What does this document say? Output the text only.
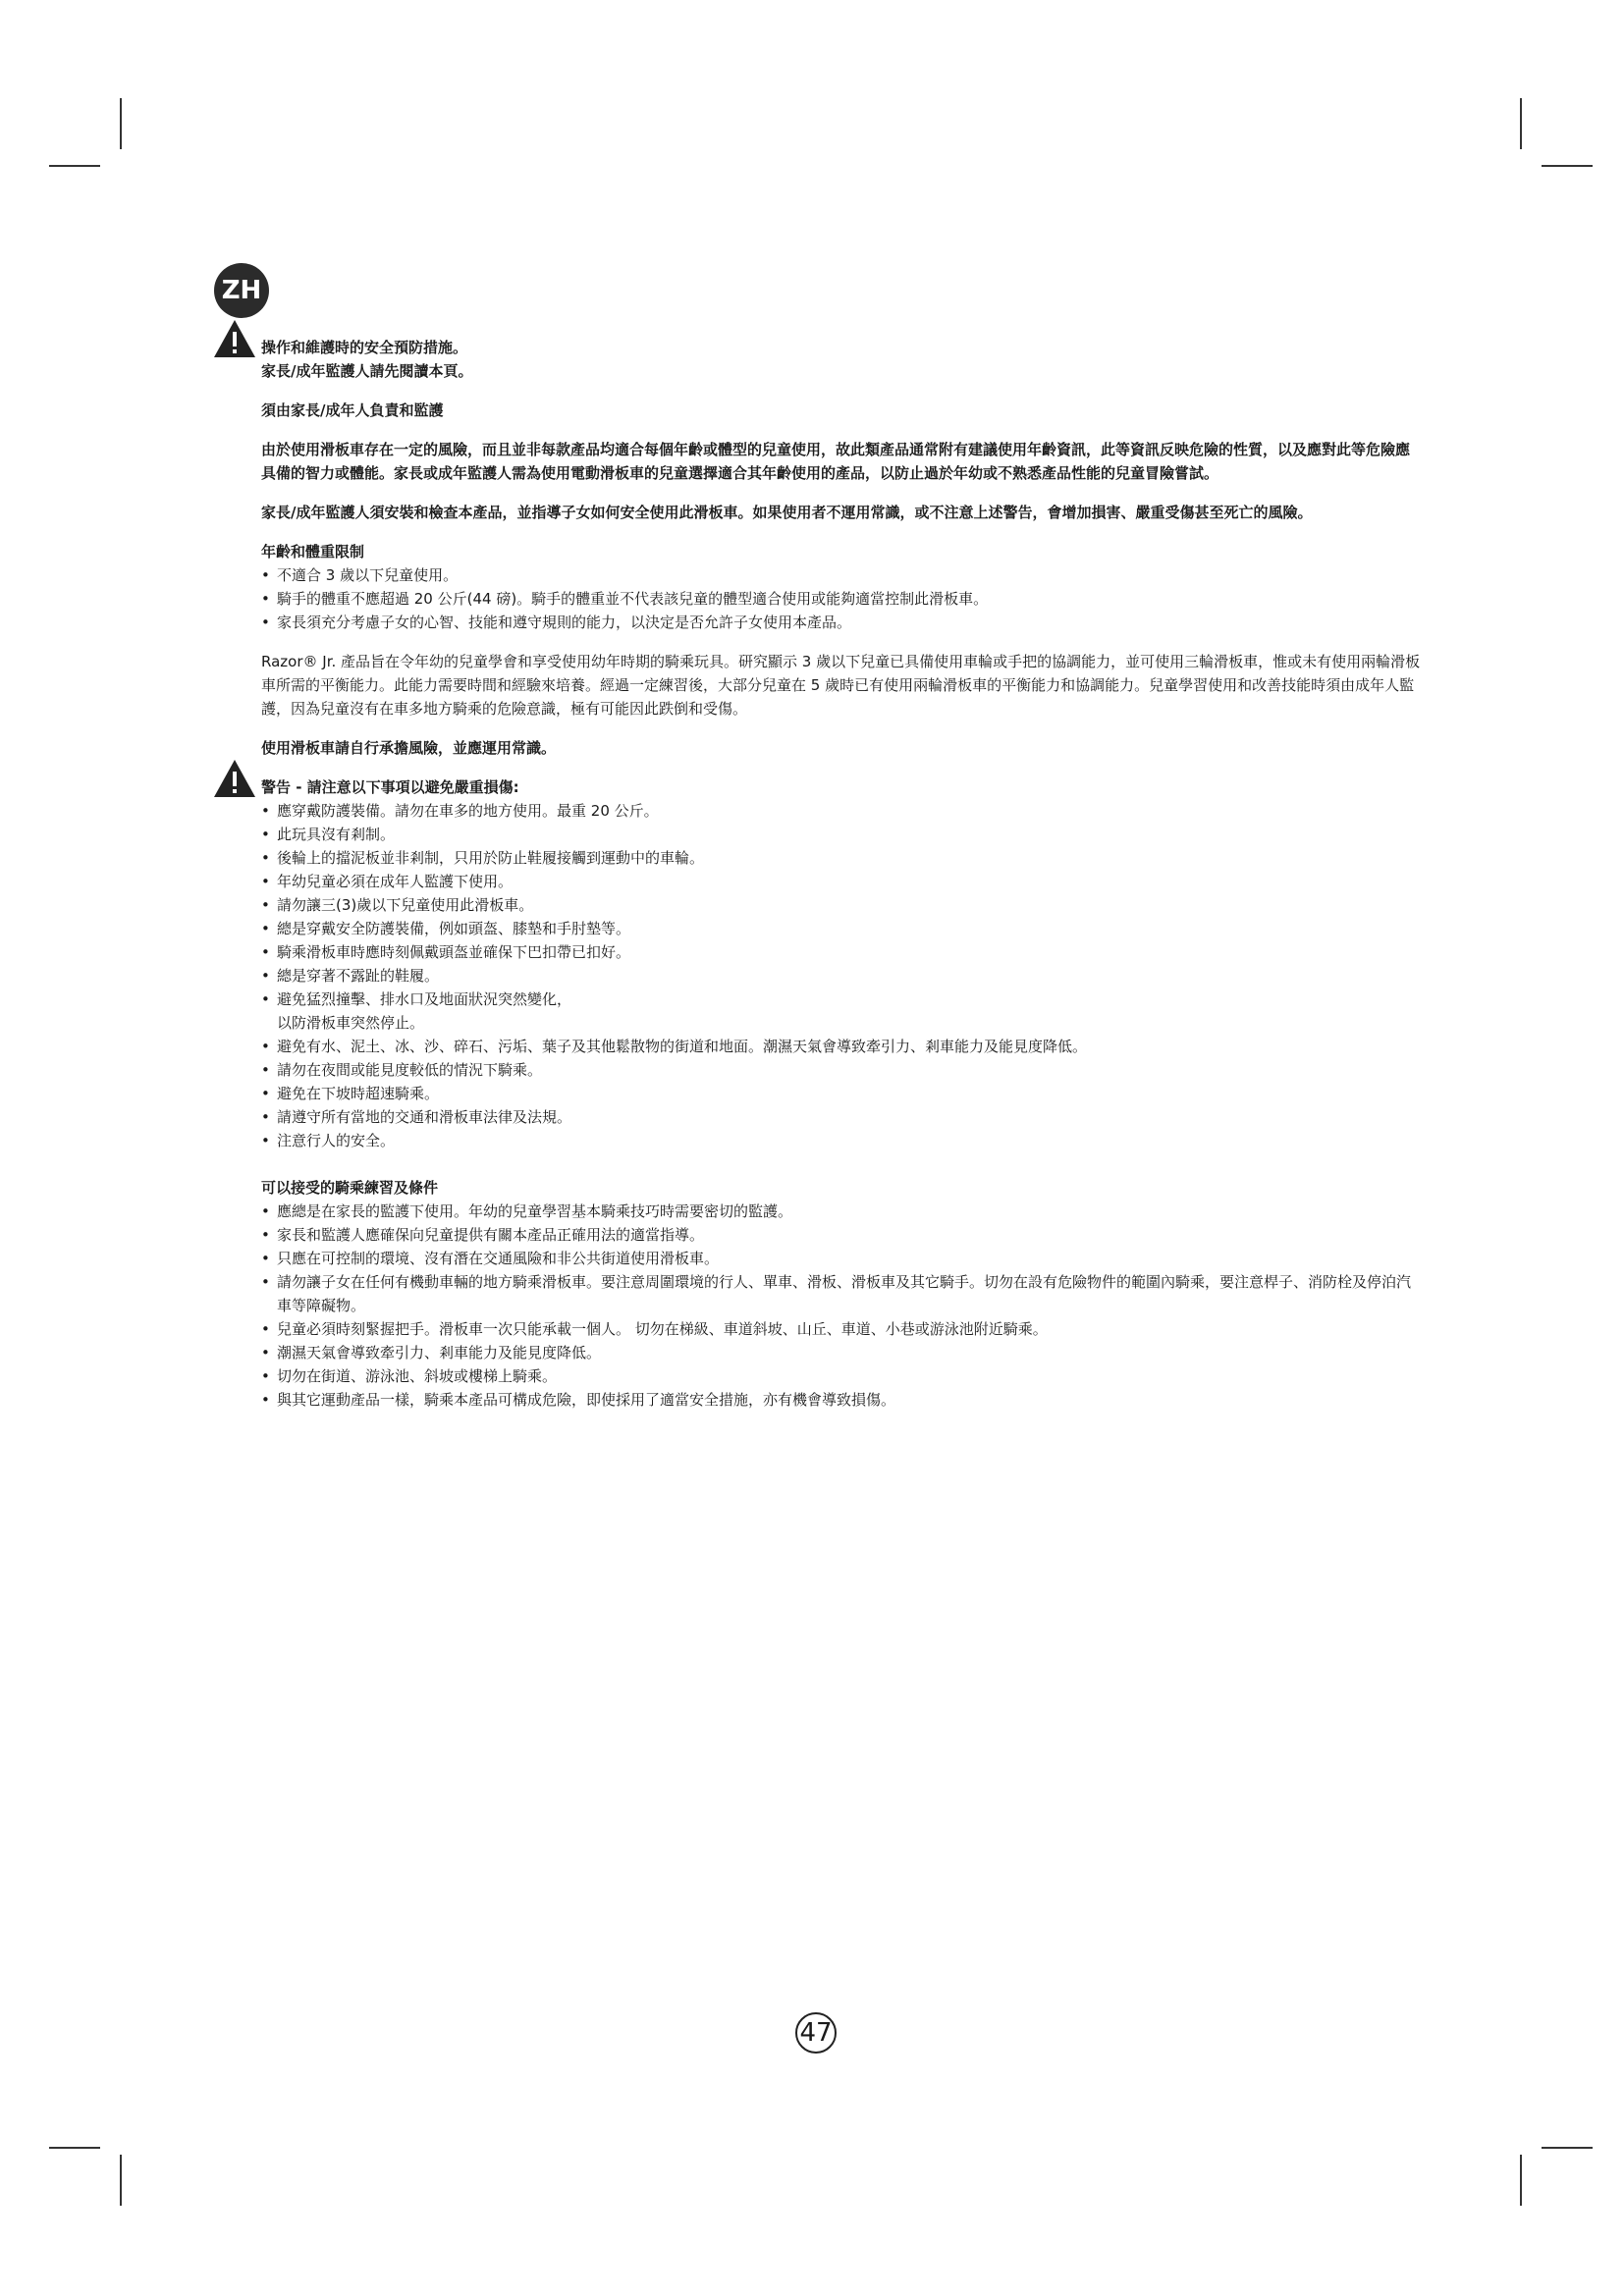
ZH

操作和維護時的安全預防措施。

家長/成年監護人請先閱讀本頁。

須由家長/成年人負責和監護

由於使用滑板車存在一定的風險，而且並非每款產品均適合每個年齡或體型的兒童使用，故此類產品通常附有建議使用年齡資訊，此等資訊反映危險的性質，以及應對此等危險應具備的智力或體能。家長或成年監護人需為使用電動滑板車的兒童選擇適合其年齡使用的產品，以防止過於年幼或不熟悉產品性能的兒童冒險嘗試。

家長/成年監護人須安裝和檢查本產品，並指導子女如何安全使用此滑板車。如果使用者不運用常識，或不注意上述警告，會增加損害、嚴重受傷甚至死亡的風險。

年齡和體重限制

• 不適合 3 歲以下兒童使用。
• 騎手的體重不應超過 20 公斤(44 磅)。騎手的體重並不代表該兒童的體型適合使用或能夠適當控制此滑板車。
• 家長須充分考慮子女的心智、技能和遵守規則的能力，以決定是否允許子女使用本產品。

Razor® Jr. 產品旨在令年幼的兒童學會和享受使用幼年時期的騎乘玩具。研究顯示 3 歲以下兒童已具備使用車輪或手把的協調能力，並可使用三輪滑板車，惟或未有使用兩輪滑板車所需的平衡能力。此能力需要時間和經驗來培養。經過一定練習後，大部分兒童在 5 歲時已有使用兩輪滑板車的平衡能力和協調能力。兒童學習使用和改善技能時須由成年人監護，因為兒童沒有在車多地方騎乘的危險意識，極有可能因此跌倒和受傷。

使用滑板車請自行承擔風險，並應運用常識。

警告 - 請注意以下事項以避免嚴重損傷:

• 應穿戴防護裝備。請勿在車多的地方使用。最重 20 公斤。
• 此玩具沒有剎制。
• 後輪上的擋泥板並非剎制，只用於防止鞋履接觸到運動中的車輪。
• 年幼兒童必須在成年人監護下使用。
• 請勿讓三(3)歲以下兒童使用此滑板車。
• 總是穿戴安全防護裝備，例如頭盔、膝墊和手肘墊等。
• 騎乘滑板車時應時刻佩戴頭盔並確保下巴扣帶已扣好。
• 總是穿著不露趾的鞋履。
• 避免猛烈撞擊、排水口及地面狀況突然變化，
以防滑板車突然停止。
• 避免有水、泥土、冰、沙、碎石、污垢、葉子及其他鬆散物的街道和地面。潮濕天氣會導致牽引力、剎車能力及能見度降低。
• 請勿在夜間或能見度較低的情況下騎乘。
• 避免在下坡時超速騎乘。
• 請遵守所有當地的交通和滑板車法律及法規。
• 注意行人的安全。

可以接受的騎乘練習及條件

• 應總是在家長的監護下使用。年幼的兒童學習基本騎乘技巧時需要密切的監護。
• 家長和監護人應確保向兒童提供有關本產品正確用法的適當指導。
• 只應在可控制的環境、沒有潛在交通風險和非公共街道使用滑板車。
• 請勿讓子女在任何有機動車輛的地方騎乘滑板車。要注意周圍環境的行人、單車、滑板、滑板車及其它騎手。切勿在設有危險物件的範圍內騎乘，要注意桿子、消防栓及停泊汽車等障礙物。
• 兒童必須時刻緊握把手。滑板車一次只能承載一個人。 切勿在梯級、車道斜坡、山丘、車道、小巷或游泳池附近騎乘。
• 潮濕天氣會導致牽引力、剎車能力及能見度降低。
• 切勿在街道、游泳池、斜坡或樓梯上騎乘。
• 與其它運動產品一樣，騎乘本產品可構成危險，即使採用了適當安全措施，亦有機會導致損傷。
47
